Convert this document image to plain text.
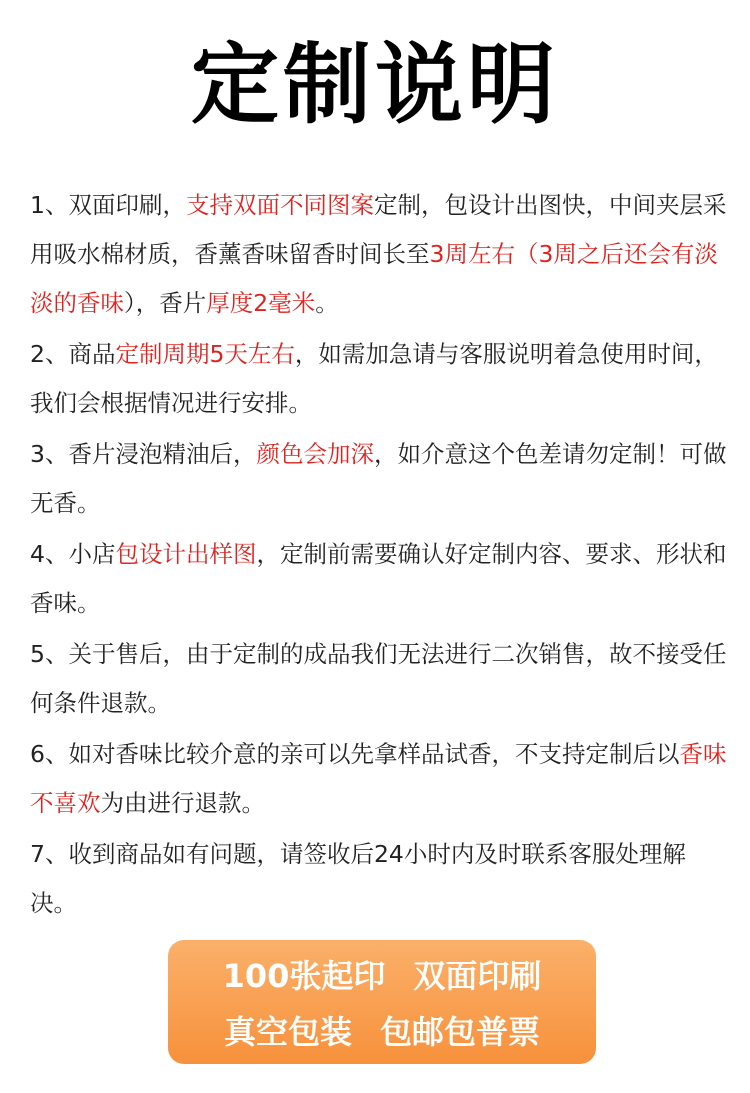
定制说明

1、双面印刷，支持双面不同图案定制，包设计出图快，中间夹层采用吸水棉材质，香薰香味留香时间长至3周左右（3周之后还会有淡淡的香味），香片厚度2毫米。

2、商品定制周期5天左右，如需加急请与客服说明着急使用时间，我们会根据情况进行安排。

3、香片浸泡精油后，颜色会加深，如介意这个色差请勿定制！可做无香。

4、小店包设计出样图，定制前需要确认好定制内容、要求、形状和香味。

5、关于售后，由于定制的成品我们无法进行二次销售，故不接受任何条件退款。

6、如对香味比较介意的亲可以先拿样品试香，不支持定制后以香味不喜欢为由进行退款。

7、收到商品如有问题，请签收后24小时内及时联系客服处理解决。

100张起印 双面印刷
真空包装 包邮包普票
